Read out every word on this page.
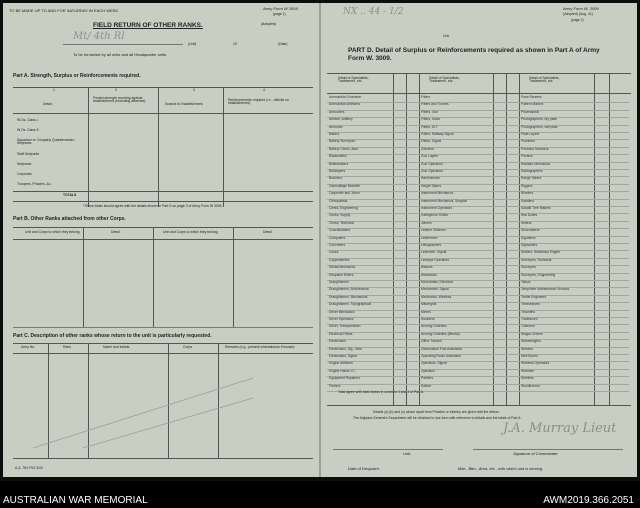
TO BE MADE UP TO AND FOR SATURDAY IN EACH WEEK.	Army Form W 3009
(page 1)
(Adopted)
FIELD RETURN OF OTHER RANKS.
Mt/ 4th Rl
(Unit)	19	(Date).
To be furnished by all units and all Headquarter units.
Part A. Strength, Surplus or Reinforcements required.
1	2	3	4
Detail.
Posted strength counting against establishment (excluding attached).
Surplus to Establishment.
Reinforcements required (i.e., deficits on establishment).
W.Os. Class I.
W.Os. Class II.
Squadron or Company Quartermaster-Serjeants
Staff Serjeants
Serjeants
Corporals
Troopers, Privates, &c.
TOTALS
*These totals should agree with the details shown in Part D on page 2 of Army Form W 3009.
Part B. Other Ranks attached from other Corps.
Unit and Corps to which they belong.	Detail.	Unit and Corps to which they belong.	Detail.
Part C. Description of other ranks whose return to the unit is particularly requested.
Army No.	Rank.	Name and Initials.	Corps.	Remarks (e.g., present whereabouts if known).
A.A. 784 FS4 3/40
NX .. 44 - 1/2	Army Form W. 3009
(Adopted) (Aug. 41)
(page 2)
Unit
PART D. Detail of Surplus or Reinforcements required as shown in Part A of Army Form W. 3009.
Detail of Specialists, Tradesmen, etc.
Detail of Specialists, Tradesmen, etc.
Detail of Specialists, Tradesmen, etc.
Ammunition Examiner
Ammunition Artificers
Armourers
Artificer, Artillery
Armourer
Bakers
Battery Surveyors
Battery Clerks, Asst.
Blacksmiths
Boilermakers
Bricklayers
Butchers
Camouflage Modeller
Carpenter and Joiner
Chiropodists
Clerks, Engineering
Clerks, Supply
Clerks, Technical
Coachbuilders
Computers
Concreters
Cooks
Coppersmiths
Dental Mechanics
Despatch Riders
Draughtsmen
Draughtsmen, Architectural
Draughtsmen, Mechanical
Draughtsmen, Topographical
Driver Mechanics
Driver Operators
Driver, Transportation
Electrical Fitters
Electricians
Electricians, Sig., Wire
Electricians, Signal
Engine Artificers
Engine Hands I.C.
Equipment Repairers
Farriers
Fitters
Fitters and Turners
Fitters, Gun
Fitters, Motor
Fitters, M.T.
Fitters, Railway Signal
Fitters, Signal
Grinders
Gun Layers
Gun Operators
Gun Operators
Hammermen
Height Takers
Instrument Mechanics
Instrument Mechanics, Surgical
Instrument Operators
Intelligence Duties
Joiners
Leather Stitchers
Limbermen
Lithographers
Linesmen, Signal
Linotype Operators
Masons
Mechanics
Mechanists, Electrical
Mechanists, Signal
Mechanics, Wireless
Millwrights
Miners
Moulders
Nursing Orderlies
Nursing Orderlies (Mental)
Office Trained
Observation Post Assistants
Operating Room Assistants
Operators, Signal
Opticians
Painters
Sailors
Panel Beaters
Pattern Makers
Pharmacists
Photographers, dry plate
Photographers, wet plate
Plate Layers
Plumbers
Predictor Numbers
Printers
Radiator Mechanics
Radiographers
Range Takers
Riggers
Riveters
Saddlers
Saddle Tree Makers
Sea Duties
Setters
Shoemakers
Signallers
Signwriters
Stokers, Stationary Engine
Surveyors, Technical
Surveyors
Surveyors, Engineering
Tailors
Teleprinter Maintenance Vendors
Textile Engineers
Timekeepers
Tinsmiths
Tradesmen
Tubemen
Wagon Drivers
Wheelwrights
Welders
Well Borers
Wireless Operators
Wiremen
Wireless
Woodturners
Total agree with total shown in columns 3 and 4 of Part A.
Details (a) (b) and (c) above apart from Privates or infantry are given with the others.
The Adjutant-General's Department will be obtained in due form with reference to details and the totals of Part A.
J.A. Murray Lieut
Unit.	Signature of Commander.
Date of Despatch.	Bde., Bttn., Area, etc., with which unit is serving.
AUSTRALIAN WAR MEMORIAL	AWM2019.366.2051
